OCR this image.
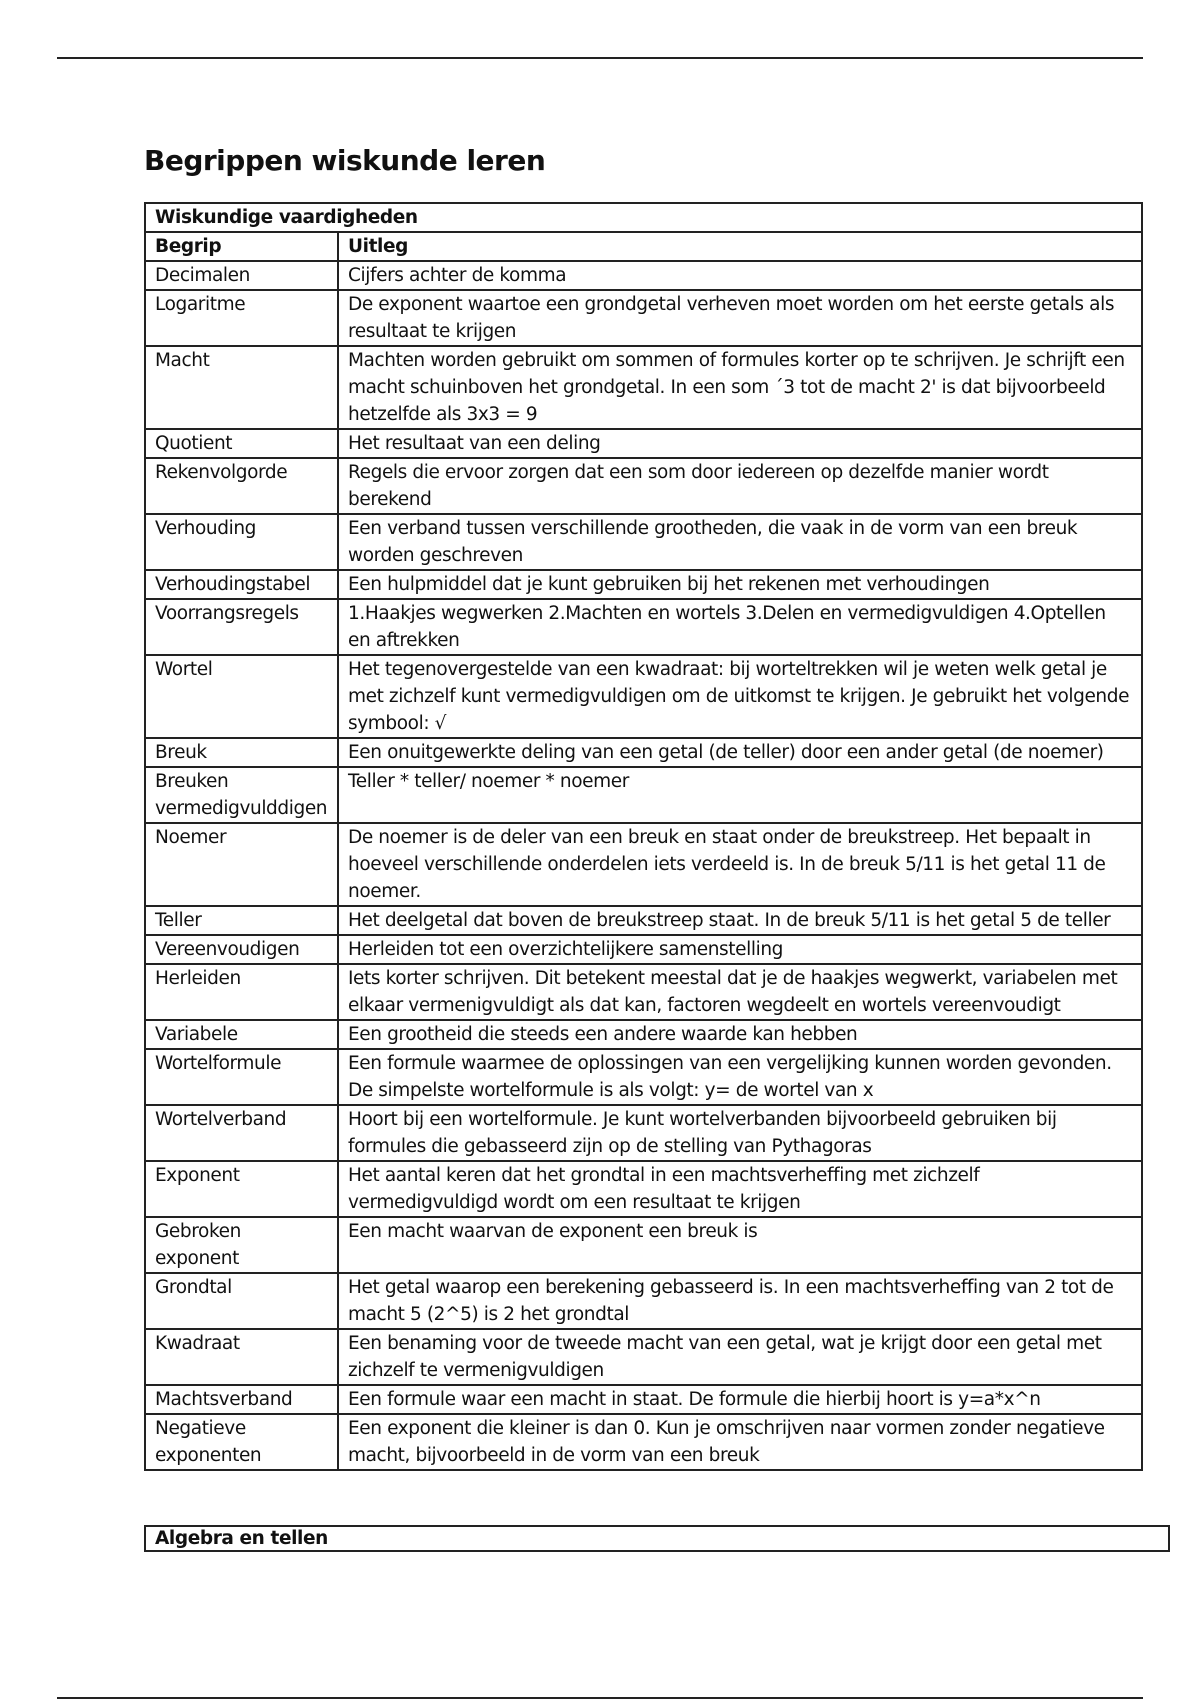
Begrippen wiskunde leren
Wiskundige vaardigheden	
Begrip	Uitleg
Decimalen	Cijfers achter de komma
Logaritme	De exponent waartoe een grondgetal verheven moet worden om het eerste getals als resultaat te krijgen
Macht	Machten worden gebruikt om sommen of formules korter op te schrijven. Je schrijft een macht schuinboven het grondgetal. In een som ´3 tot de macht 2' is dat bijvoorbeeld hetzelfde als 3x3 = 9
Quotient	Het resultaat van een deling
Rekenvolgorde	Regels die ervoor zorgen dat een som door iedereen op dezelfde manier wordt berekend
Verhouding	Een verband tussen verschillende grootheden, die vaak in de vorm van een breuk worden geschreven
Verhoudingstabel	Een hulpmiddel dat je kunt gebruiken bij het rekenen met verhoudingen
Voorrangsregels	1.Haakjes wegwerken 2.Machten en wortels 3.Delen en vermedigvuldigen 4.Optellen en aftrekken
Wortel	Het tegenovergestelde van een kwadraat: bij worteltrekken wil je weten welk getal je met zichzelf kunt vermedigvuldigen om de uitkomst te krijgen. Je gebruikt het volgende symbool: √
Breuk	Een onuitgewerkte deling van een getal (de teller) door een ander getal (de noemer)
Breuken vermedigvulddigen	Teller * teller/ noemer * noemer
Noemer	De noemer is de deler van een breuk en staat onder de breukstreep. Het bepaalt in hoeveel verschillende onderdelen iets verdeeld is. In de breuk 5/11 is het getal 11 de noemer.
Teller	Het deelgetal dat boven de breukstreep staat. In de breuk 5/11 is het getal 5 de teller
Vereenvoudigen	Herleiden tot een overzichtelijkere samenstelling
Herleiden	Iets korter schrijven. Dit betekent meestal dat je de haakjes wegwerkt, variabelen met elkaar vermenigvuldigt als dat kan, factoren wegdeelt en wortels vereenvoudigt
Variabele	Een grootheid die steeds een andere waarde kan hebben
Wortelformule	Een formule waarmee de oplossingen van een vergelijking kunnen worden gevonden. De simpelste wortelformule is als volgt: y= de wortel van x
Wortelverband	Hoort bij een wortelformule. Je kunt wortelverbanden bijvoorbeeld gebruiken bij formules die gebasseerd zijn op de stelling van Pythagoras
Exponent	Het aantal keren dat het grondtal in een machtsverheffing met zichzelf vermedigvuldigd wordt om een resultaat te krijgen
Gebroken exponent	Een macht waarvan de exponent een breuk is
Grondtal	Het getal waarop een berekening gebasseerd is. In een machtsverheffing van 2 tot de macht 5 (2^5) is 2 het grondtal
Kwadraat	Een benaming voor de tweede macht van een getal, wat je krijgt door een getal met zichzelf te vermenigvuldigen
Machtsverband	Een formule waar een macht in staat. De formule die hierbij hoort is y=a*x^n
Negatieve exponenten	Een exponent die kleiner is dan 0. Kun je omschrijven naar vormen zonder negatieve macht, bijvoorbeeld in de vorm van een breuk
Algebra en tellen
